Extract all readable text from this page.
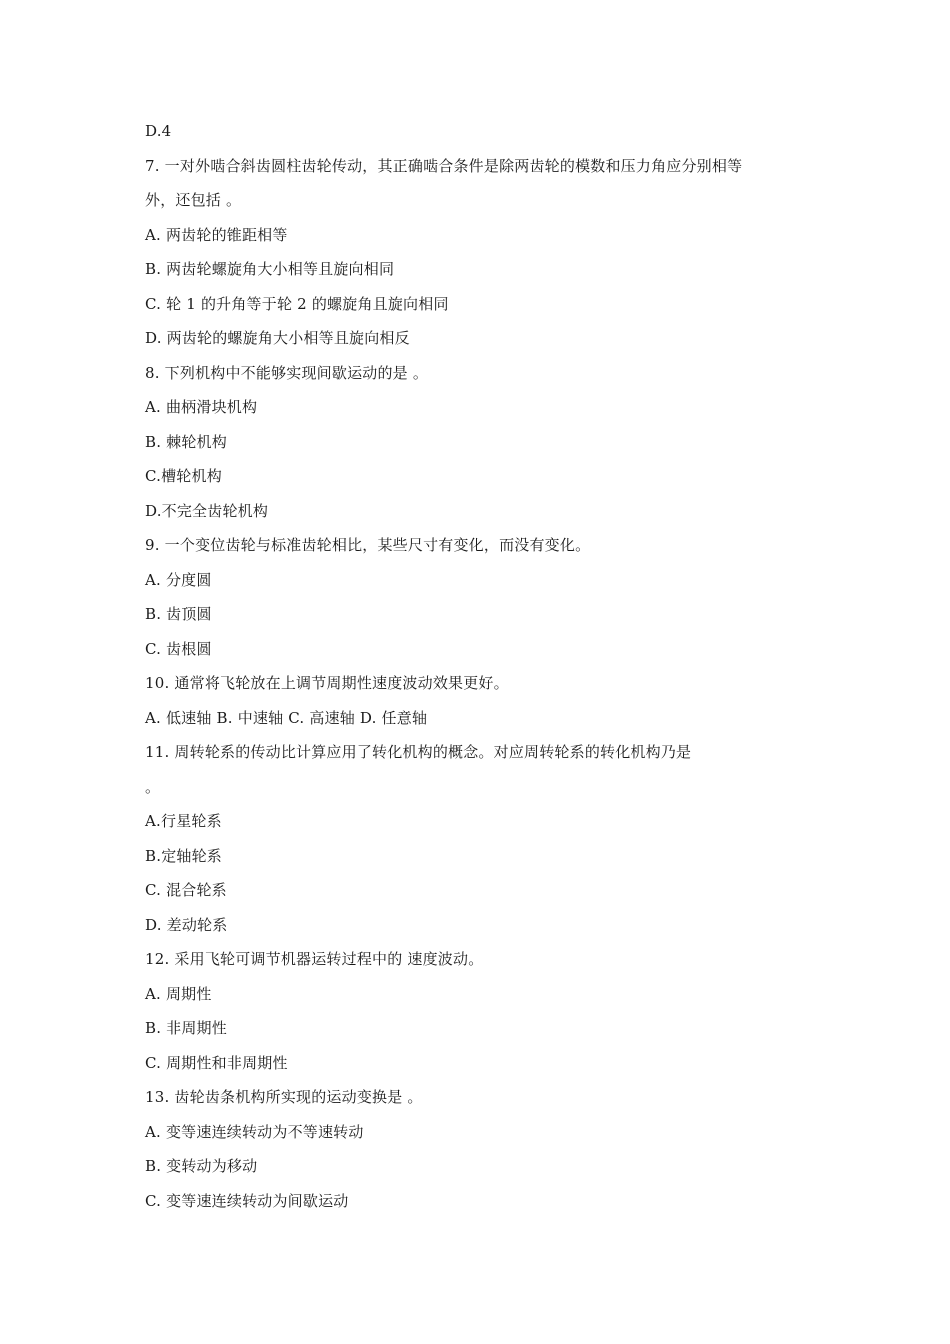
D.4
7. 一对外啮合斜齿圆柱齿轮传动，其正确啮合条件是除两齿轮的模数和压力角应分别相等
外，还包括 。
A. 两齿轮的锥距相等
B. 两齿轮螺旋角大小相等且旋向相同
C. 轮 1 的升角等于轮 2 的螺旋角且旋向相同
D. 两齿轮的螺旋角大小相等且旋向相反
8. 下列机构中不能够实现间歇运动的是 。
A. 曲柄滑块机构
B. 棘轮机构
C.槽轮机构
D.不完全齿轮机构
9. 一个变位齿轮与标准齿轮相比，某些尺寸有变化，而没有变化。
A. 分度圆
B. 齿顶圆
C. 齿根圆
10. 通常将飞轮放在上调节周期性速度波动效果更好。
A. 低速轴 B. 中速轴 C. 高速轴 D. 任意轴
11. 周转轮系的传动比计算应用了转化机构的概念。对应周转轮系的转化机构乃是
。
A.行星轮系
B.定轴轮系
C. 混合轮系
D. 差动轮系
12. 采用飞轮可调节机器运转过程中的 速度波动。
A. 周期性
B. 非周期性
C. 周期性和非周期性
13. 齿轮齿条机构所实现的运动变换是 。
A. 变等速连续转动为不等速转动
B. 变转动为移动
C. 变等速连续转动为间歇运动
